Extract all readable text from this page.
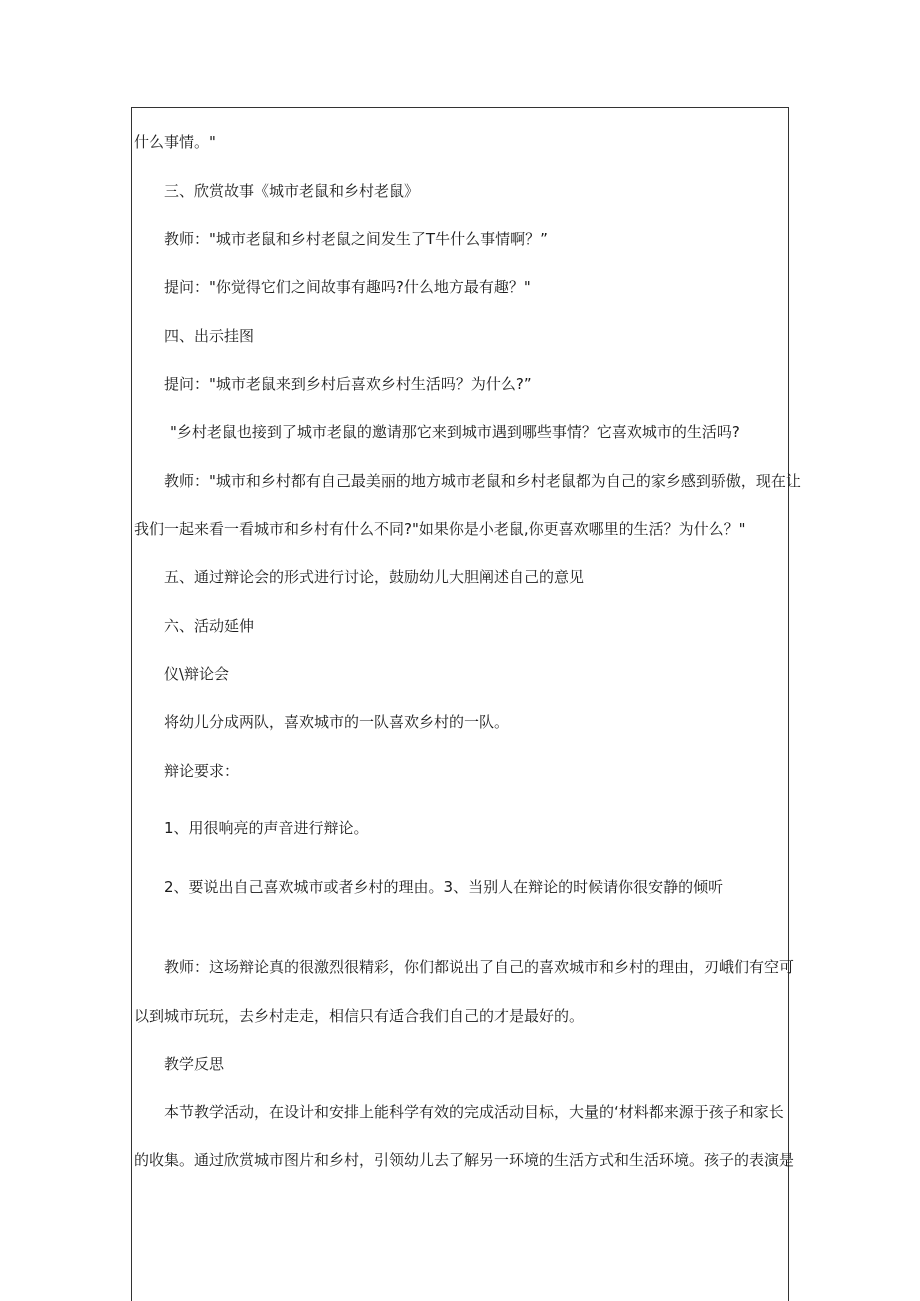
什么事情。"
三、欣赏故事《城市老鼠和乡村老鼠》
教师："城市老鼠和乡村老鼠之间发生了T牛什么事情啊？”
提问："你觉得它们之间故事有趣吗?什么地方最有趣？"
四、出示挂图
提问："城市老鼠来到乡村后喜欢乡村生活吗？为什么?”
"乡村老鼠也接到了城市老鼠的邀请那它来到城市遇到哪些事情？它喜欢城市的生活吗?
教师："城市和乡村都有自己最美丽的地方城市老鼠和乡村老鼠都为自己的家乡感到骄傲，现在让
我们一起来看一看城市和乡村有什么不同?"如果你是小老鼠,你更喜欢哪里的生活？为什么？"
五、通过辩论会的形式进行讨论，鼓励幼儿大胆阐述自己的意见
六、活动延伸
仪\辩论会
将幼儿分成两队，喜欢城市的一队喜欢乡村的一队。
辩论要求：
1、用很响亮的声音进行辩论。
2、要说出自己喜欢城市或者乡村的理由。3、当别人在辩论的时候请你很安静的倾听
教师：这场辩论真的很激烈很精彩，你们都说出了自己的喜欢城市和乡村的理由，刃峨们有空可
以到城市玩玩，去乡村走走，相信只有适合我们自己的才是最好的。
教学反思
本节教学活动，在设计和安排上能科学有效的完成活动目标，大量的‘材料都来源于孩子和家长
的收集。通过欣赏城市图片和乡村，引领幼儿去了解另一环境的生活方式和生活环境。孩子的表演是
